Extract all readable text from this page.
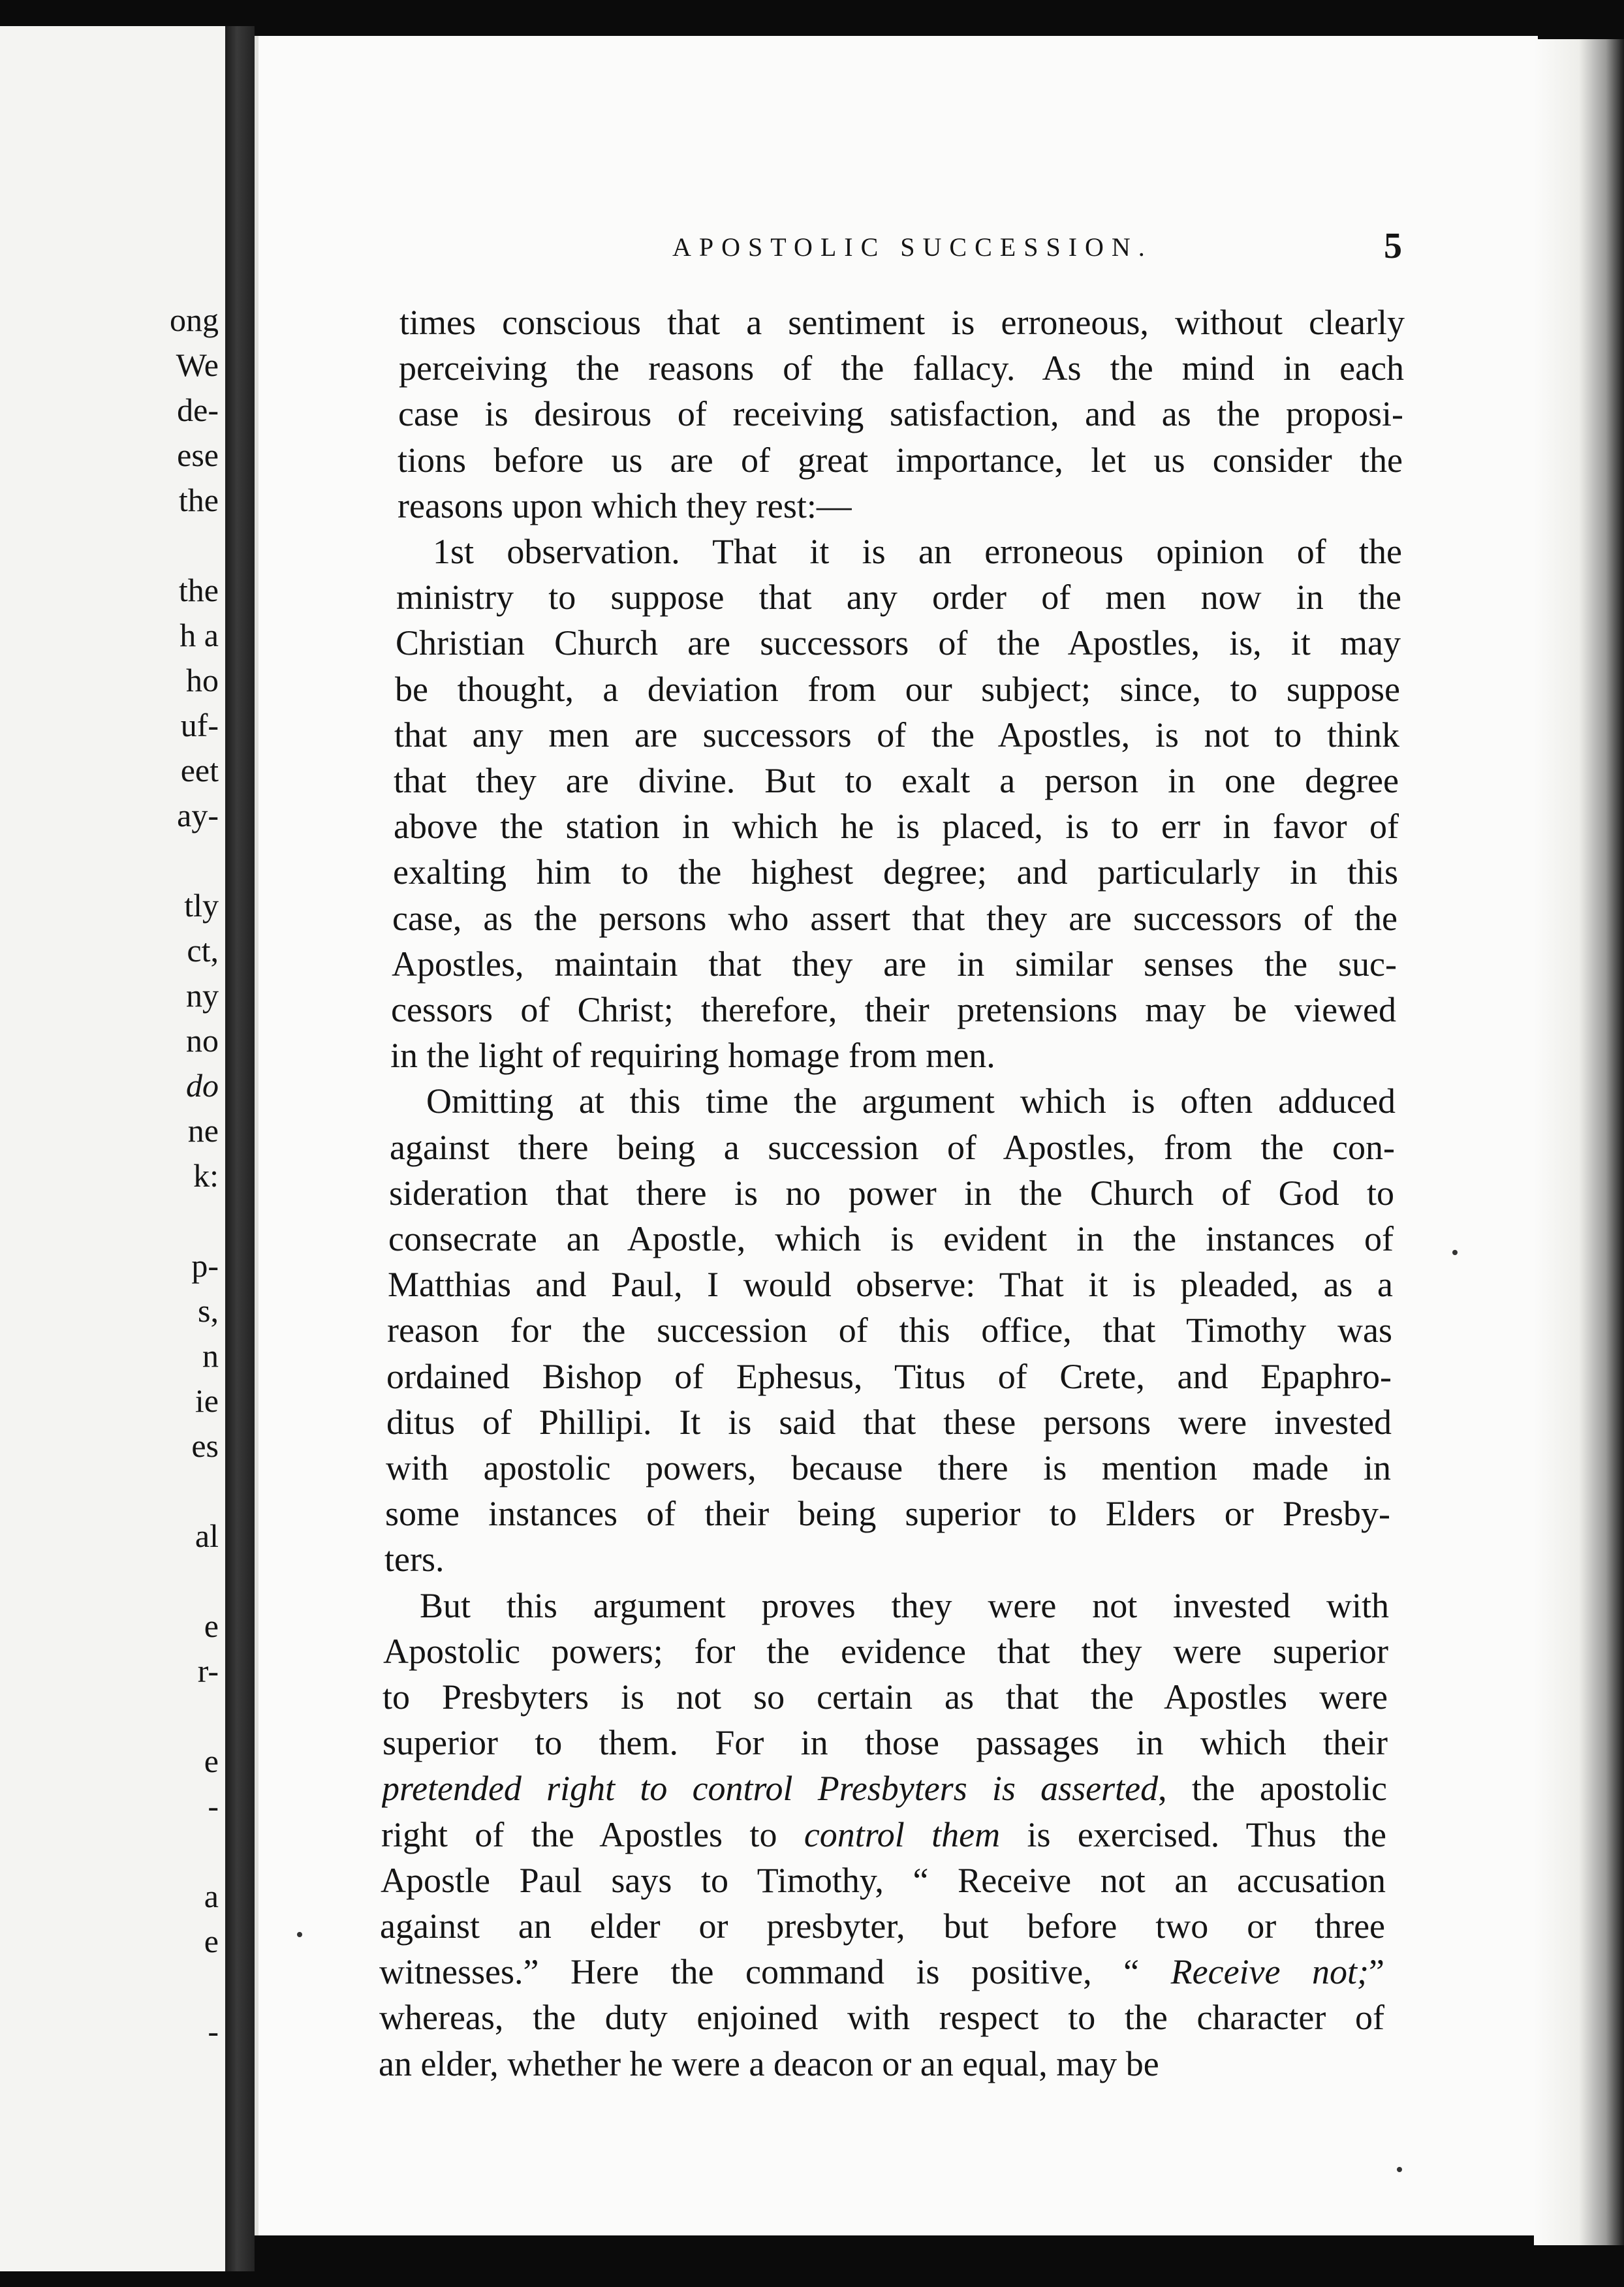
ong
We
de-
ese
the
the
h a
ho
uf-
eet
ay-
tly
ct,
ny
no
do
ne
k:
p-
s,
n
ie
es
al
e
r-
e
-
a
e
-
APOSTOLIC SUCCESSION.	5
times conscious that a sentiment is erroneous, without clearly
perceiving the reasons of the fallacy. As the mind in each
case is desirous of receiving satisfaction, and as the proposi-
tions before us are of great importance, let us consider the
reasons upon which they rest:—
1st observation. That it is an erroneous opinion of the
ministry to suppose that any order of men now in the
Christian Church are successors of the Apostles, is, it may
be thought, a deviation from our subject; since, to suppose
that any men are successors of the Apostles, is not to think
that they are divine. But to exalt a person in one degree
above the station in which he is placed, is to err in favor of
exalting him to the highest degree; and particularly in this
case, as the persons who assert that they are successors of the
Apostles, maintain that they are in similar senses the suc-
cessors of Christ; therefore, their pretensions may be viewed
in the light of requiring homage from men.
Omitting at this time the argument which is often adduced
against there being a succession of Apostles, from the con-
sideration that there is no power in the Church of God to
consecrate an Apostle, which is evident in the instances of
Matthias and Paul, I would observe: That it is pleaded, as a
reason for the succession of this office, that Timothy was
ordained Bishop of Ephesus, Titus of Crete, and Epaphro-
ditus of Phillipi. It is said that these persons were invested
with apostolic powers, because there is mention made in
some instances of their being superior to Elders or Presby-
ters.
But this argument proves they were not invested with
Apostolic powers; for the evidence that they were superior
to Presbyters is not so certain as that the Apostles were
superior to them. For in those passages in which their
pretended right to control Presbyters is asserted, the apostolic
right of the Apostles to control them is exercised. Thus the
Apostle Paul says to Timothy, “ Receive not an accusation
against an elder or presbyter, but before two or three
witnesses.” Here the command is positive, “ Receive not;”
whereas, the duty enjoined with respect to the character of
an elder, whether he were a deacon or an equal, may be
